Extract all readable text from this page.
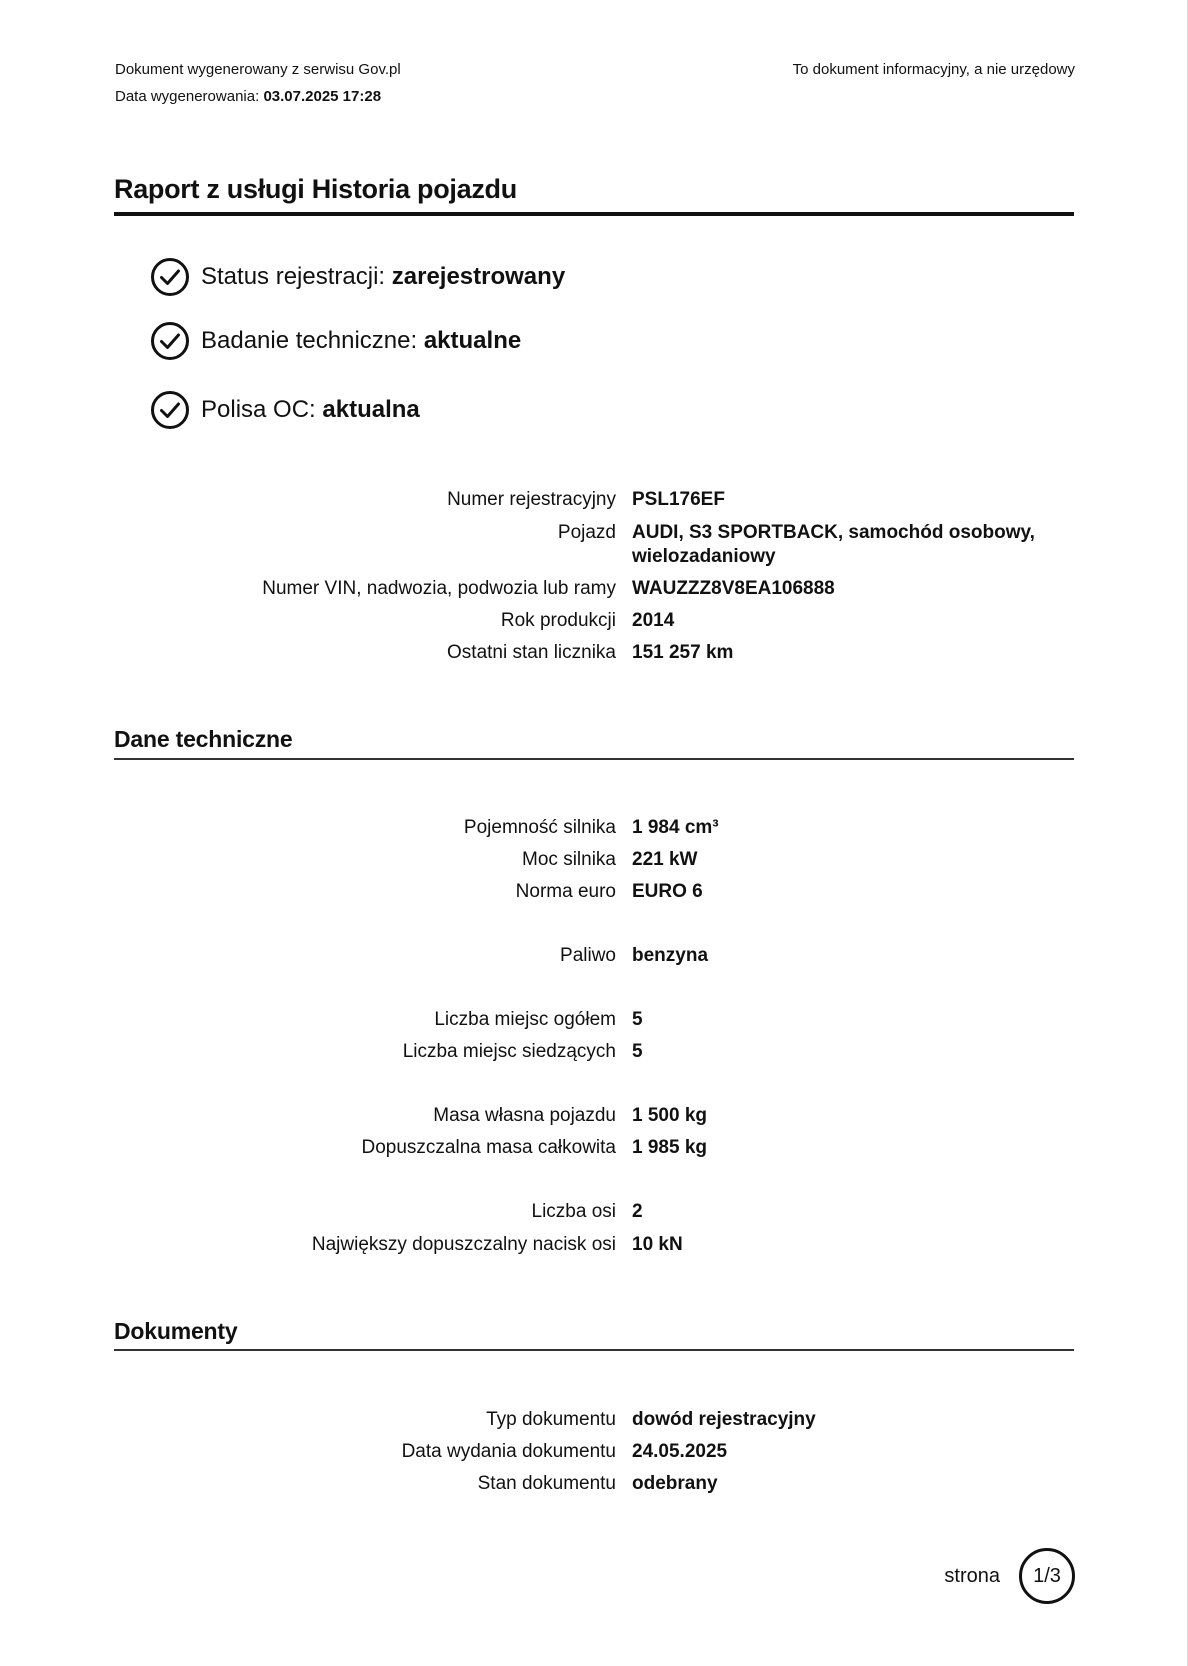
Dokument wygenerowany z serwisu Gov.pl
Data wygenerowania: 03.07.2025 17:28
To dokument informacyjny, a nie urzędowy
Raport z usługi Historia pojazdu
Status rejestracji:
zarejestrowany
Badanie techniczne:
aktualne
Polisa OC:
aktualna
Numer rejestracyjny PSL176EF
Pojazd AUDI, S3 SPORTBACK, samochód osobowy, wielozadaniowy
Numer VIN, nadwozia, podwozia lub ramy WAUZZZ8V8EA106888
Rok produkcji 2014
Ostatni stan licznika 151 257 km
Dane techniczne
Pojemność silnika 1 984 cm³
Moc silnika 221 kW
Norma euro EURO 6
Paliwo benzyna
Liczba miejsc ogółem 5
Liczba miejsc siedzących 5
Masa własna pojazdu 1 500 kg
Dopuszczalna masa całkowita 1 985 kg
Liczba osi 2
Największy dopuszczalny nacisk osi 10 kN
Dokumenty
Typ dokumentu dowód rejestracyjny
Data wydania dokumentu 24.05.2025
Stan dokumentu odebrany
strona 1/3
